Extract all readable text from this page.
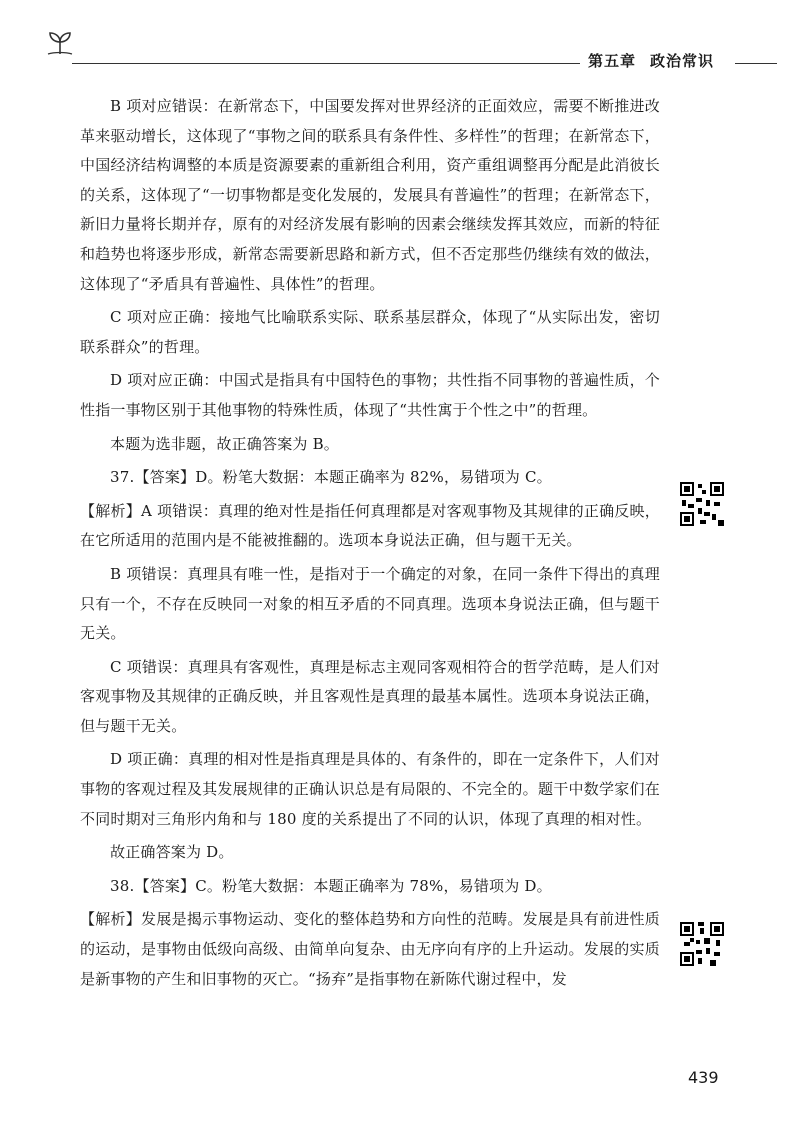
第五章 政治常识

B 项对应错误：在新常态下，中国要发挥对世界经济的正面效应，需要不断推进改革来驱动增长，这体现了“事物之间的联系具有条件性、多样性”的哲理；在新常态下，中国经济结构调整的本质是资源要素的重新组合利用，资产重组调整再分配是此消彼长的关系，这体现了“一切事物都是变化发展的，发展具有普遍性”的哲理；在新常态下，新旧力量将长期并存，原有的对经济发展有影响的因素会继续发挥其效应，而新的特征和趋势也将逐步形成，新常态需要新思路和新方式，但不否定那些仍继续有效的做法，这体现了“矛盾具有普遍性、具体性”的哲理。

C 项对应正确：接地气比喻联系实际、联系基层群众，体现了“从实际出发，密切联系群众”的哲理。

D 项对应正确：中国式是指具有中国特色的事物；共性指不同事物的普遍性质，个性指一事物区别于其他事物的特殊性质，体现了“共性寓于个性之中”的哲理。

本题为选非题，故正确答案为 B。

37.【答案】D。粉笔大数据：本题正确率为 82%，易错项为 C。

【解析】A 项错误：真理的绝对性是指任何真理都是对客观事物及其规律的正确反映，在它所适用的范围内是不能被推翻的。选项本身说法正确，但与题干无关。

B 项错误：真理具有唯一性，是指对于一个确定的对象，在同一条件下得出的真理只有一个，不存在反映同一对象的相互矛盾的不同真理。选项本身说法正确，但与题干无关。

C 项错误：真理具有客观性，真理是标志主观同客观相符合的哲学范畴，是人们对客观事物及其规律的正确反映，并且客观性是真理的最基本属性。选项本身说法正确，但与题干无关。

D 项正确：真理的相对性是指真理是具体的、有条件的，即在一定条件下，人们对事物的客观过程及其发展规律的正确认识总是有局限的、不完全的。题干中数学家们在不同时期对三角形内角和与 180 度的关系提出了不同的认识，体现了真理的相对性。

故正确答案为 D。

38.【答案】C。粉笔大数据：本题正确率为 78%，易错项为 D。

【解析】发展是揭示事物运动、变化的整体趋势和方向性的范畴。发展是具有前进性质的运动，是事物由低级向高级、由简单向复杂、由无序向有序的上升运动。发展的实质是新事物的产生和旧事物的灭亡。“扬弃”是指事物在新陈代谢过程中，发

439
